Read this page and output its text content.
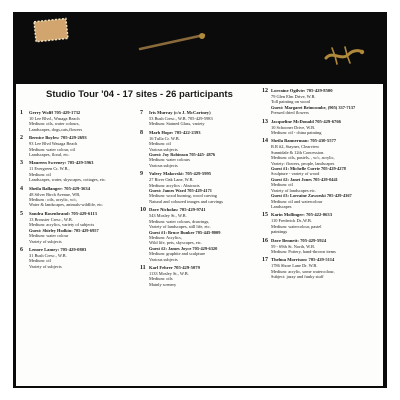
Studio Tour '04 - 17 sites - 26 participants
1 Gerry Wolff 705-429-1732
10 Lee Blvd., Wasaga Beach
Medium: oils, water colours,
Landscapes, dogs,cats,flowers
2 Bernice Boyles: 705-429-2693
93 Lee Blvd Wasaga Beach
Medium: water colour, oil
Landscapes, floral, etc.
3 Maureen Sweeney: 705-429-5963
11 Evergreen Cr. W.B.,
Medium: oil
Landscapes, water, skyscapes, cottages, etc.
4 Sheila Ballanger: 705-429-3634
48 Silver Birch Avenue, WB,
Medium : oils, acrylic, w/c,
Water & landscapes, animals-wildlife, etc.
5 Sandra Rosenbrand: 705-429-6113
13 Brouster Cresc., W.B.
Medium: acrylics, variety of subjects
Guest: Shirley Hodkin: 705-429-6957
Medium: water colour
Variety of subjects
6 Lenore Lamey: 705-429-0803
31 Bush Cresc., W.B.
Medium: oil
Variety of subjects
7 Iris Murray (c/o J. McCartney)
53 Bush Cresc., W.B. 705-429-5983
Medium: Stained Glass, variety
8 Marh Hope: 705-422-2393
16 Tulla Cr. W.B.
Medium: oil
Various subjects
Guest: Joy Robinson 705-445- 4876
Medium: water colours
Various subjects
9 Valery Makovski: 705-429-5995
27 River Oak Lane, W.B.
Medium: acrylics : Abstracts
Guest: James Ward 705-429-4171
Medium: wood burning, wood carving
Natural and coloured images and carvings
10 Dave Nicholas: 705-429-9741
543 Mosley St., W.B.
Medium: water colours, drawings,
Variety of landscapes, still life, etc.
Guest #1: Bruce Bunker 705-445-8009
Medium: Acrylics,
Wild life, pets, skyscapes, etc.
Guest #2: James Joyce 705-429-6320
Medium: graphite and sculpture
Various subjects
11 Karl Fehrer 705-429-5079
1133 Mosley St., W.B.
Medium: oils
Mainly scenery
12 Lorraine Ogilvie: 705-429-8500
79 Glen Elm Drive, W.B.
Toll painting on wood
Guest: Margaret Brimcombe, (905) 337-7137
Pressed dried flowers
13 Jacqueline McDonald 705-429-6766
10 Schooner Drive, W.B.
Medium: oil - china painting
14 Sheila Bannerman: 705-430-5577
R.R #2, Stayner, Clearview
Sunnidale & 12th Concession.
Medium: oils, pastels, , w/c, acrylic,
Variety: flowers, people, landscapes
Guest #1: Michelle Currie 705-429-4278
Sculpture - variety of wood
Guest #2: Janet Jones 705-429-0441
Medium: oil
Variety of landscapes etc.
Guest #3: Lorraine Zawoeski 705-429-4367
Medium: oil and watercolour
Landscapes
15 Karin Mollinger: 705-422-0633
110 Frederick Dr.,W.B.
Medium: watercolour, pastel
paintings
16 Dave Bennett: 705-429-5924
59 - 69th St. North, W.B.
Medium: Pottery, hand-thrown items
17 Thelma Morrison: 705-429-5114
1786 Shore Lane Dr. W.B.
Medium: acrylic, some watercolour,
Subject: jazzy and funky stuff
